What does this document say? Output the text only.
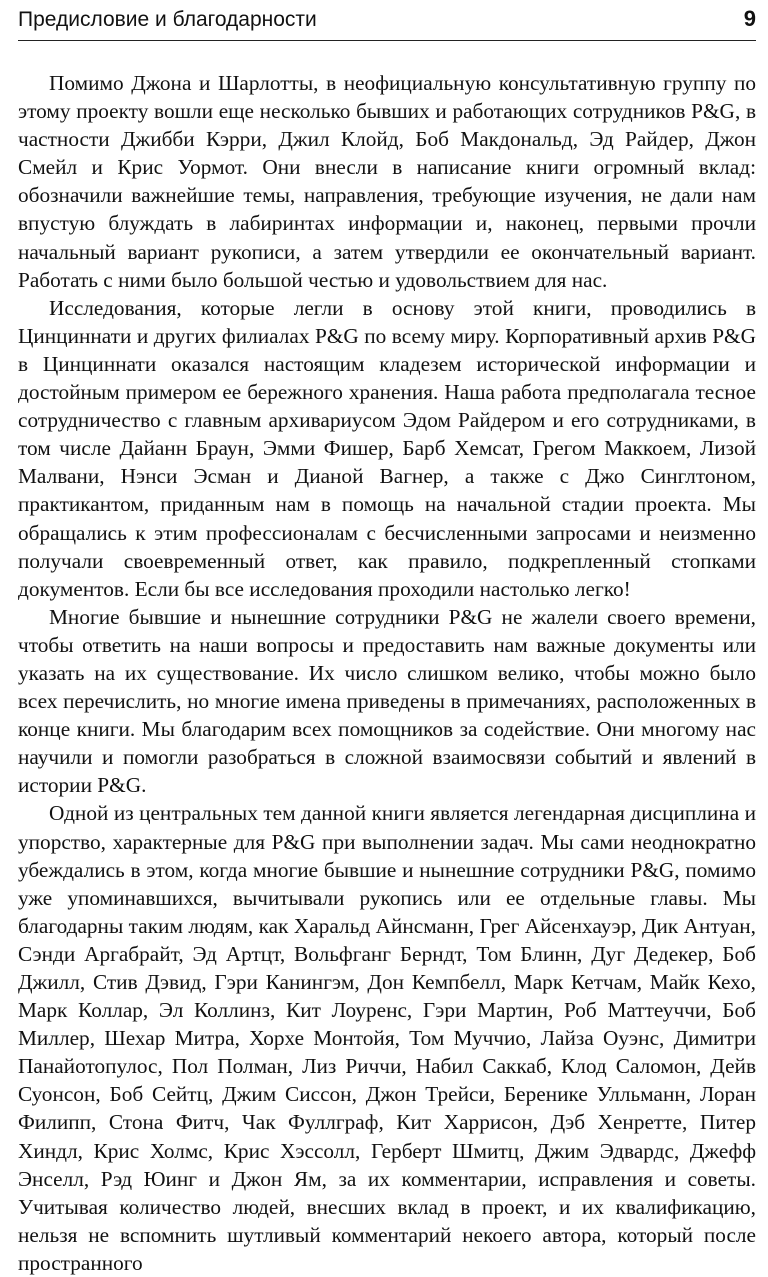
Предисловие и благодарности	9

Помимо Джона и Шарлотты, в неофициальную консультативную группу по этому проекту вошли еще несколько бывших и работающих сотрудников P&G, в частности Джибби Кэрри, Джил Клойд, Боб Макдональд, Эд Райдер, Джон Смейл и Крис Уормот. Они внесли в написание книги огромный вклад: обозначили важнейшие темы, направления, требующие изучения, не дали нам впустую блуждать в лабиринтах информации и, наконец, первыми прочли начальный вариант рукописи, а затем утвердили ее окончательный вариант. Работать с ними было большой честью и удовольствием для нас.

Исследования, которые легли в основу этой книги, проводились в Цинциннати и других филиалах P&G по всему миру. Корпоративный архив P&G в Цинциннати оказался настоящим кладезем исторической информации и достойным примером ее бережного хранения. Наша работа предполагала тесное сотрудничество с главным архивариусом Эдом Райдером и его сотрудниками, в том числе Дайанн Браун, Эмми Фишер, Барб Хемсат, Грегом Маккоем, Лизой Малвани, Нэнси Эсман и Дианой Вагнер, а также с Джо Синглтоном, практикантом, приданным нам в помощь на начальной стадии проекта. Мы обращались к этим профессионалам с бесчисленными запросами и неизменно получали своевременный ответ, как правило, подкрепленный стопками документов. Если бы все исследования проходили настолько легко!

Многие бывшие и нынешние сотрудники P&G не жалели своего времени, чтобы ответить на наши вопросы и предоставить нам важные документы или указать на их существование. Их число слишком велико, чтобы можно было всех перечислить, но многие имена приведены в примечаниях, расположенных в конце книги. Мы благодарим всех помощников за содействие. Они многому нас научили и помогли разобраться в сложной взаимосвязи событий и явлений в истории P&G.

Одной из центральных тем данной книги является легендарная дисциплина и упорство, характерные для P&G при выполнении задач. Мы сами неоднократно убеждались в этом, когда многие бывшие и нынешние сотрудники P&G, помимо уже упоминавшихся, вычитывали рукопись или ее отдельные главы. Мы благодарны таким людям, как Харальд Айнсманн, Грег Айсенхауэр, Дик Антуан, Сэнди Аргабрайт, Эд Артцт, Вольфганг Берндт, Том Блинн, Дуг Дедекер, Боб Джилл, Стив Дэвид, Гэри Канингэм, Дон Кемпбелл, Марк Кетчам, Майк Кехо, Марк Коллар, Эл Коллинз, Кит Лоуренс, Гэри Мартин, Роб Маттеуччи, Боб Миллер, Шехар Митра, Хорхе Монтойя, Том Муччио, Лайза Оуэнс, Димитри Панайотопулос, Пол Полман, Лиз Риччи, Набил Саккаб, Клод Саломон, Дейв Суонсон, Боб Сейтц, Джим Сиссон, Джон Трейси, Беренике Улльманн, Лоран Филипп, Стона Фитч, Чак Фуллграф, Кит Харрисон, Дэб Хенретте, Питер Хиндл, Крис Холмс, Крис Хэссолл, Герберт Шмитц, Джим Эдвардс, Джефф Энселл, Рэд Юинг и Джон Ям, за их комментарии, исправления и советы. Учитывая количество людей, внесших вклад в проект, и их квалификацию, нельзя не вспомнить шутливый комментарий некоего автора, который после пространного
